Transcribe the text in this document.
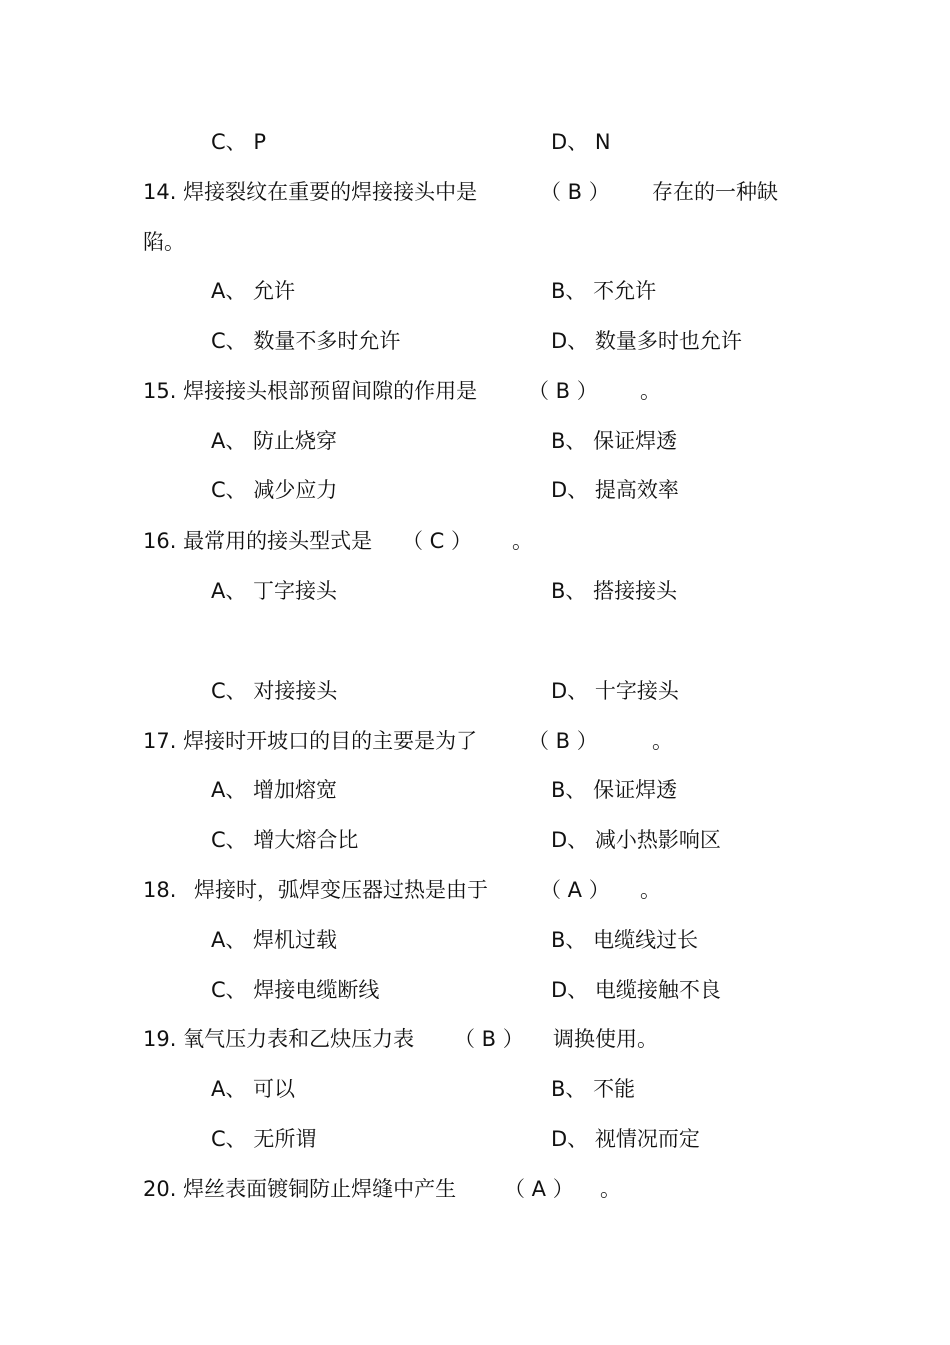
C、 P	D、 N
14. 焊接裂纹在重要的焊接接头中是	（ B ） 存在的一种缺
陷。
A、 允许	B、 不允许
C、 数量不多时允许	D、 数量多时也允许
15. 焊接接头根部预留间隙的作用是 （ B ） 。
A、 防止烧穿	B、 保证焊透
C、 减少应力	D、 提高效率
16. 最常用的接头型式是 （ C ） 。
A、 丁字接头	B、 搭接接头
C、 对接接头	D、 十字接头
17. 焊接时开坡口的目的主要是为了 （ B ）	。
A、 增加熔宽	B、 保证焊透
C、 增大熔合比	D、 减小热影响区
18. 焊接时，弧焊变压器过热是由于 （ A ） 。
A、 焊机过载	B、 电缆线过长
C、 焊接电缆断线	D、 电缆接触不良
19. 氧气压力表和乙炔压力表 （ B ） 调换使用。
A、 可以	B、 不能
C、 无所谓	D、 视情况而定
20. 焊丝表面镀铜防止焊缝中产生 （ A ） 。
